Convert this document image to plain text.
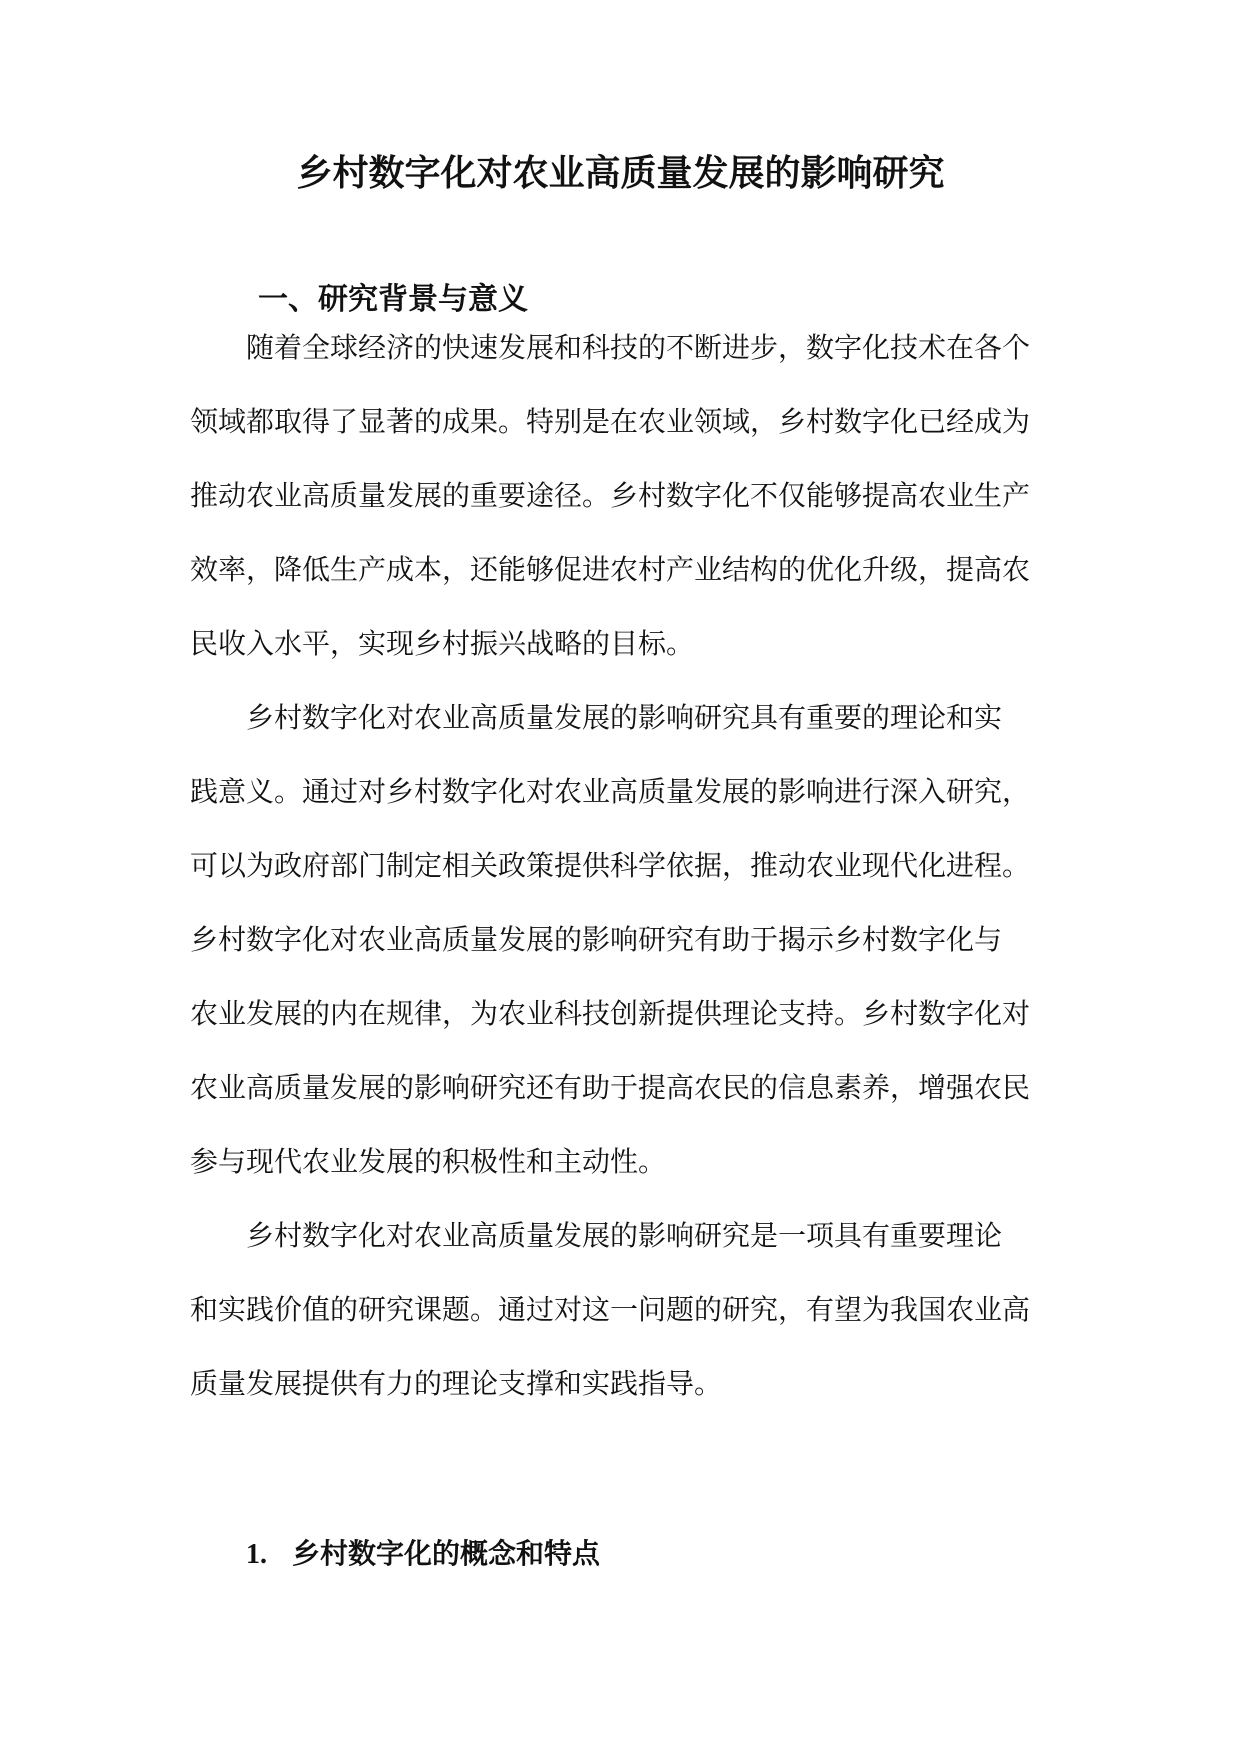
乡村数字化对农业高质量发展的影响研究
一、研究背景与意义

随着全球经济的快速发展和科技的不断进步，数字化技术在各个

领域都取得了显著的成果。特别是在农业领域，乡村数字化已经成为

推动农业高质量发展的重要途径。乡村数字化不仅能够提高农业生产

效率，降低生产成本，还能够促进农村产业结构的优化升级，提高农

民收入水平，实现乡村振兴战略的目标。

乡村数字化对农业高质量发展的影响研究具有重要的理论和实

践意义。通过对乡村数字化对农业高质量发展的影响进行深入研究，

可以为政府部门制定相关政策提供科学依据，推动农业现代化进程。

乡村数字化对农业高质量发展的影响研究有助于揭示乡村数字化与

农业发展的内在规律，为农业科技创新提供理论支持。乡村数字化对

农业高质量发展的影响研究还有助于提高农民的信息素养，增强农民

参与现代农业发展的积极性和主动性。

乡村数字化对农业高质量发展的影响研究是一项具有重要理论

和实践价值的研究课题。通过对这一问题的研究，有望为我国农业高

质量发展提供有力的理论支撑和实践指导。

1. 乡村数字化的概念和特点
